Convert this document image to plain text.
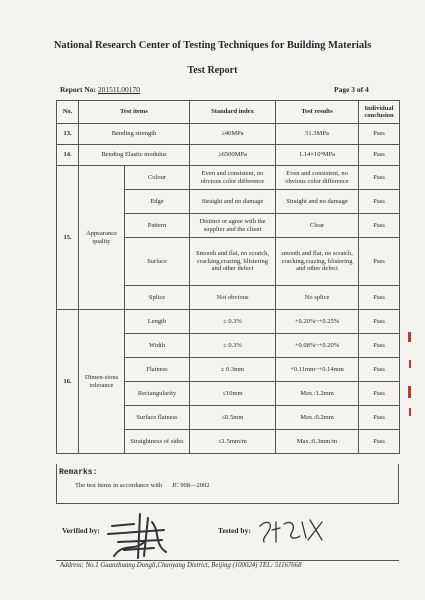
National Research Center of Testing Techniques for Building Materials
Test Report
Report No: 20151L00170	Page 3 of 4
No.	Test items		Standard index	Test results	Individual conclusion
13.	Bending strength		≥40MPa	51.3MPa	Pass
14.	Bending Elastic modulus		≥6500MPa	1.14×10⁴MPa	Pass
15.	Appearance quality	Colour	Even and consistent, no obvious color difference	Even and consistent, no obvious color difference	Pass
		Edge	Straight and no damage	Straight and no damage	Pass
		Pattern	Distinct or agree with the supplier and the client	Clear	Pass
		Surface	Smooth and flat, no scratch, cracking,crazing, blistering and other defect	smooth and flat, no scratch, cracking,crazing, blistering and other defect	Pass
		Splice	Not obvious	No splice	Pass
16.	Dimen-sions tolerance	Length	± 0.3%	+0.20%~+0.25%	Pass
		Width	± 0.3%	+0.08%~+0.20%	Pass
		Flatness	± 0.3mm	+0.11mm~+0.14mm	Pass
		Rectangularity	≤10mm	Max.:1.2mm	Pass
		Surface flatness	≤0.5mm	Max.:0.2mm	Pass
		Straightness of sides	≤1.5mm/m	Max.:0.3mm/m	Pass
Remarks:
The test items in accordance with JC 908—2002
Verified by:	Tested by:
Address: No.1 Guanzhuang Dongli,Chaoyang District, Beijing (100024) TEL: 51167668
